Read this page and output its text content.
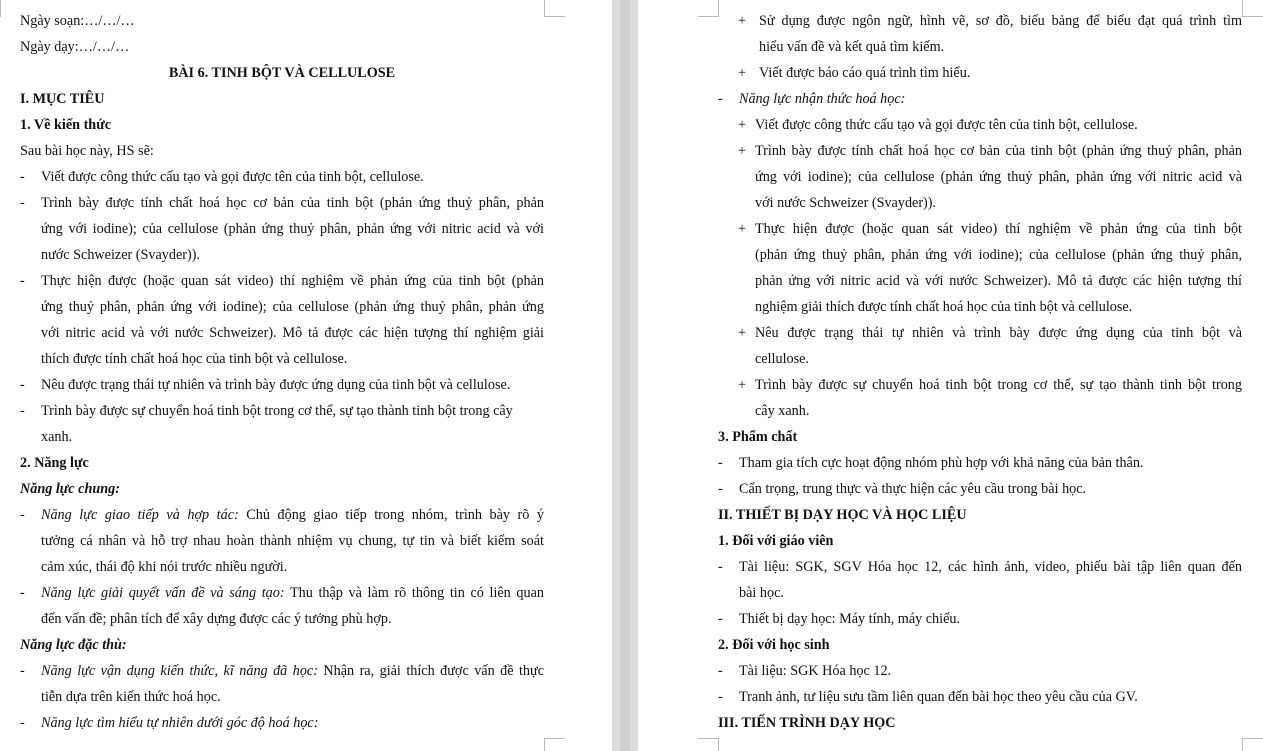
Ngày soạn:…/…/…
Ngày dạy:…/…/…
BÀI 6. TINH BỘT VÀ CELLULOSE
I. MỤC TIÊU
1. Về kiến thức
Sau bài học này, HS sẽ:
- Viết được công thức cấu tạo và gọi được tên của tinh bột, cellulose.
- Trình bày được tính chất hoá học cơ bản của tinh bột (phản ứng thuỷ phân, phản
ứng với iodine); của cellulose (phản ứng thuỷ phân, phản ứng với nitric acid và với
nước Schweizer (Svayder)).
- Thực hiện được (hoặc quan sát video) thí nghiệm về phản ứng của tinh bột (phản
ứng thuỷ phân, phản ứng với iodine); của cellulose (phản ứng thuỷ phân, phản ứng
với nitric acid và với nước Schweizer). Mô tả được các hiện tượng thí nghiệm giải
thích được tính chất hoá học của tinh bột và cellulose.
- Nêu được trạng thái tự nhiên và trình bày được ứng dụng của tinh bột và cellulose.
- Trình bày được sự chuyển hoá tinh bột trong cơ thể, sự tạo thành tinh bột trong cây
xanh.
2. Năng lực
Năng lực chung:
- Năng lực giao tiếp và hợp tác: Chủ động giao tiếp trong nhóm, trình bày rõ ý
tưởng cá nhân và hỗ trợ nhau hoàn thành nhiệm vụ chung, tự tin và biết kiểm soát
cảm xúc, thái độ khi nói trước nhiều người.
- Năng lực giải quyết vấn đề và sáng tạo: Thu thập và làm rõ thông tin có liên quan
đến vấn đề; phân tích để xây dựng được các ý tưởng phù hợp.
Năng lực đặc thù:
- Năng lực vận dụng kiến thức, kĩ năng đã học: Nhận ra, giải thích được vấn đề thực
tiễn dựa trên kiến thức hoá học.
- Năng lực tìm hiểu tự nhiên dưới góc độ hoá học:
+ Sử dụng được ngôn ngữ, hình vẽ, sơ đồ, biểu bảng để biểu đạt quá trình tìm
hiểu vấn đề và kết quả tìm kiếm.
+ Viết được báo cáo quá trình tìm hiểu.
- Năng lực nhận thức hoá học:
+ Viết được công thức cấu tạo và gọi được tên của tinh bột, cellulose.
+ Trình bày được tính chất hoá học cơ bản của tinh bột (phản ứng thuỷ phân, phản
ứng với iodine); của cellulose (phản ứng thuỷ phân, phản ứng với nitric acid và
với nước Schweizer (Svayder)).
+ Thực hiện được (hoặc quan sát video) thí nghiệm về phản ứng của tinh bột
(phản ứng thuỷ phân, phản ứng với iodine); của cellulose (phản ứng thuỷ phân,
phản ứng với nitric acid và với nước Schweizer). Mô tả được các hiện tượng thí
nghiệm giải thích được tính chất hoá học của tinh bột và cellulose.
+ Nêu được trạng thái tự nhiên và trình bày được ứng dụng của tinh bột và
cellulose.
+ Trình bày được sự chuyển hoá tinh bột trong cơ thể, sự tạo thành tinh bột trong
cây xanh.
3. Phẩm chất
- Tham gia tích cực hoạt động nhóm phù hợp với khả năng của bản thân.
- Cẩn trọng, trung thực và thực hiện các yêu cầu trong bài học.
II. THIẾT BỊ DẠY HỌC VÀ HỌC LIỆU
1. Đối với giáo viên
- Tài liệu: SGK, SGV Hóa học 12, các hình ảnh, video, phiếu bài tập liên quan đến
bài học.
- Thiết bị dạy học: Máy tính, máy chiếu.
2. Đối với học sinh
- Tài liệu: SGK Hóa học 12.
- Tranh ảnh, tư liệu sưu tầm liên quan đến bài học theo yêu cầu của GV.
III. TIẾN TRÌNH DẠY HỌC
